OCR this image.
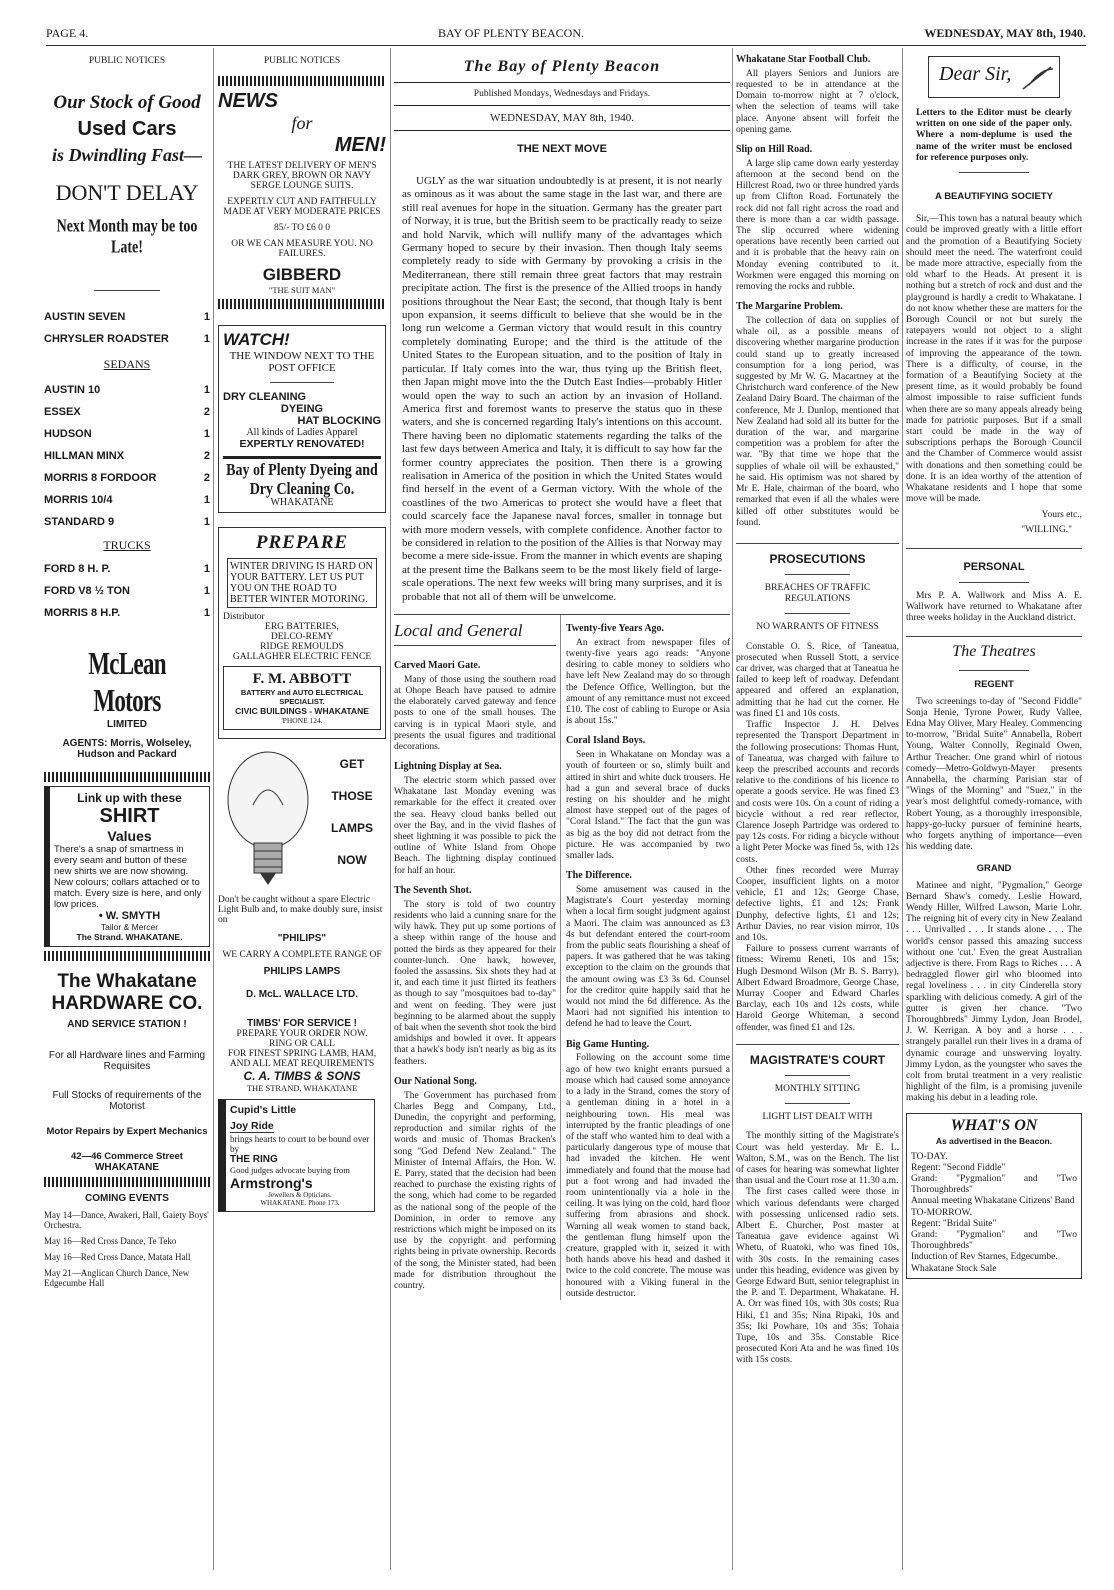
PAGE 4.	BAY OF PLENTY BEACON.	WEDNESDAY, MAY 8th, 1940.
PUBLIC NOTICES
Our Stock of Good
Used Cars
is Dwindling Fast—
DON'T DELAY
Next Month may be too Late!
AUSTIN SEVEN	1
CHRYSLER ROADSTER	1
SEDANS
AUSTIN 10	1
ESSEX	2
HUDSON	1
HILLMAN MINX	2
MORRIS 8 FORDOOR	2
MORRIS 10/4	1
STANDARD 9	1
TRUCKS
FORD 8 H. P.	1
FORD V8 ½ TON	1
MORRIS 8 H.P.	1
McLean Motors
LIMITED
AGENTS: Morris, Wolseley, Hudson and Packard
Link up with these
SHIRT
Values
There's a snap of smartness in every seam and button of these new shirts we are now showing. New colours; collars attached or to match. Every size is here, and only low prices.
• W. SMYTH
Tailor & Mercer
The Strand. WHAKATANE.
The Whakatane
HARDWARE CO.
AND SERVICE STATION !
For all Hardware lines and Farming Requisites
Full Stocks of requirements of the Motorist
Motor Repairs by Expert Mechanics
42—46 Commerce Street
WHAKATANE
COMING EVENTS
May 14—Dance, Awakeri, Hall, Gaiety Boys' Orchestra.
May 16—Red Cross Dance, Te Teko
May 16—Red Cross Dance, Matata Hall
May 21—Anglican Church Dance, New Edgecumbe Hall
PUBLIC NOTICES
NEWS
for
MEN!
THE LATEST DELIVERY OF MEN'S DARK GREY, BROWN OR NAVY SERGE LOUNGE SUITS.
EXPERTLY CUT AND FAITHFULLY MADE AT VERY MODERATE PRICES
85/- TO £6 0 0
OR WE CAN MEASURE YOU. NO FAILURES.
GIBBERD
"THE SUIT MAN"
WATCH!
THE WINDOW NEXT TO THE POST OFFICE
DRY CLEANING
DYEING
HAT BLOCKING
All kinds of Ladies Apparel
EXPERTLY RENOVATED!
Bay of Plenty Dyeing and Dry Cleaning Co.
WHAKATANE
PREPARE
WINTER DRIVING IS HARD ON YOUR BATTERY. LET US PUT YOU ON THE ROAD TO BETTER WINTER MOTORING.
Distributor
ERG BATTERIES,
DELCO-REMY
RIDGE REMOULDS
GALLAGHER ELECTRIC FENCE
F. M. ABBOTT
BATTERY and AUTO ELECTRICAL SPECIALIST.
CIVIC BUILDINGS - WHAKATANE
'PHONE 124.
GET
THOSE
LAMPS
NOW
Don't be caught without a spare Electric Light Bulb and, to make doubly sure, insist on
"PHILIPS"
WE CARRY A COMPLETE RANGE OF
PHILIPS LAMPS
D. McL. WALLACE LTD.
TIMBS' FOR SERVICE !
PREPARE YOUR ORDER NOW.
RING OR CALL
FOR FINEST SPRING LAMB, HAM, AND ALL MEAT REQUIREMENTS
C. A. TIMBS & SONS
THE STRAND, WHAKATANE
Cupid's Little
Joy Ride
brings hearts to court to be bound over by
THE RING
Good judges advocate buying from
Armstrong's
Jewellers & Opticians.
WHAKATANE. Phone 173.
The Bay of Plenty Beacon
Published Mondays, Wednesdays and Fridays.
WEDNESDAY, MAY 8th, 1940.
THE NEXT MOVE
UGLY as the war situation undoubtedly is at present, it is not nearly as ominous as it was about the same stage in the last war, and there are still real avenues for hope in the situation. Germany has the greater part of Norway, it is true, but the British seem to be practically ready to seize and hold Narvik, which will nullify many of the advantages which Germany hoped to secure by their invasion. Then though Italy seems completely ready to side with Germany by provoking a crisis in the Mediterranean, there still remain three great factors that may restrain precipitate action. The first is the presence of the Allied troops in handy positions throughout the Near East; the second, that though Italy is bent upon expansion, it seems difficult to believe that she would be in the long run welcome a German victory that would result in this country completely dominating Europe; and the third is the attitude of the United States to the European situation, and to the position of Italy in particular. If Italy comes into the war, thus tying up the British fleet, then Japan might move into the the Dutch East Indies—probably Hitler would open the way to such an action by an invasion of Holland. America first and foremost wants to preserve the status quo in these waters, and she is concerned regarding Italy's intentions on this account. There having been no diplomatic statements regarding the talks of the last few days between America and Italy, it is difficult to say how far the former country appreciates the position. Then there is a growing realisation in America of the position in which the United States would find herself in the event of a German victory. With the whole of the coastlines of the two Americas to protect she would have a fleet that could scarcely face the Japanese naval forces, smaller in tonnage but with more modern vessels, with complete confidence. Another factor to be considered in relation to the position of the Allies is that Norway may become a mere side-issue. From the manner in which events are shaping at the present time the Balkans seem to be the most likely field of large-scale operations. The next few weeks will bring many surprises, and it is probable that not all of them will be unwelcome.
Local and General
Carved Maori Gate.

Many of those using the southern road at Ohope Beach have paused to admire the elaborately carved gateway and fence posts to one of the small houses. The carving is in typical Maori style, and presents the usual figures and traditional decorations.

Lightning Display at Sea.

The electric storm which passed over Whakatane last Monday evening was remarkable for the effect it created over the sea. Heavy cloud banks belled out over the Bay, and in the vivid flashes of sheet lightning it was possible to pick the outline of White Island from Ohope Beach. The lightning display continued for half an hour.

The Seventh Shot.

The story is told of two country residents who laid a cunning snare for the wily hawk. They put up some portions of a sheep within range of the house and potted the birds as they appeared for their counter-lunch. One hawk, however, fooled the assassins. Six shots they had at it, and each time it just flirted its feathers as though to say "mosquitoes bad to-day" and went on feeding. They were just beginning to be alarmed about the supply of bait when the seventh shot took the bird amidships and bowled it over. It appears that a hawk's body isn't nearly as big as its feathers.

Our National Song.

The Government has purchased from Charles Begg and Company, Ltd., Dunedin, the copyright and performing, reproduction and similar rights of the words and music of Thomas Bracken's song "God Defend New Zealand." The Minister of Internal Affairs, the Hon. W. E. Parry, stated that the decision had been reached to purchase the existing rights of the song, which had come to be regarded as the national song of the people of the Dominion, in order to remove any restrictions which might be imposed on its use by the copyright and performing rights being in private ownership. Records of the song, the Minister stated, had been made for distribution throughout the country.

Twenty-five Years Ago.

An extract from newspaper files of twenty-five years ago reads: "Anyone desiring to cable money to soldiers who have left New Zealand may do so through the Defence Office, Wellington, but the amount of any remittance must not exceed £10. The cost of cabling to Europe or Asia is about 15s."

Coral Island Boys.

Seen in Whakatane on Monday was a youth of fourteen or so, slimly built and attired in shirt and white duck trousers. He had a gun and several brace of ducks resting on his shoulder and he might almost have stepped out of the pages of "Coral Island." The fact that the gun was as big as the boy did not detract from the picture. He was accompanied by two smaller lads.

The Difference.

Some amusement was caused in the Magistrate's Court yesterday morning when a local firm sought judgment against a Maori. The claim was announced as £3 4s but defendant entered the court-room from the public seats flourishing a sheaf of papers. It was gathered that he was taking exception to the claim on the grounds that the amount owing was £3 3s 6d. Counsel for the creditor quite happily said that he would not mind the 6d difference. As the Maori had not signified his intention to defend he had to leave the Court.

Big Game Hunting.

Following on the account some time ago of how two knight errants pursued a mouse which had caused some annoyance to a lady in the Strand, comes the story of a gentleman dining in a hotel in a neighbouring town. His meal was interrupted by the frantic pleadings of one of the staff who wanted him to deal with a particularly dangerous type of mouse that had invaded the kitchen. He went immediately and found that the mouse had put a foot wrong and had invaded the room unintentionally via a hole in the ceiling. It was lying on the cold, hard floor suffering from abrasions and shock. Warning all weak women to stand back, the gentleman flung himself upon the creature, grappled with it, seized it with both hands above his head and dashed it twice to the cold concrete. The mouse was honoured with a Viking funeral in the outside destructor.

Whakatane Star Football Club.

All players Seniors and Juniors are requested to be in attendance at the Domain to-morrow night at 7 o'clock, when the selection of teams will take place. Anyone absent will forfeit the opening game.

Slip on Hill Road.

A large slip came down early yesterday afternoon at the second bend on the Hillcrest Road, two or three hundred yards up from Clifton Road. Fortunately the rock did not fall right across the road and there is more than a car width passage. The slip occurred where widening operations have recently been carried out and it is probable that the heavy rain on Monday evening contributed to it. Workmen were engaged this morning on removing the rocks and rubble.

The Margarine Problem.

The collection of data on supplies of whale oil, as a possible means of discovering whether margarine production could stand up to greatly increased consumption for a long period, was suggested by Mr W. G. Macartney at the Christchurch ward conference of the New Zealand Dairy Board. The chairman of the conference, Mr J. Dunlop, mentioned that New Zealand had sold all its butter for the duration of the war, and margarine competition was a problem for after the war. "By that time we hope that the supplies of whale oil will be exhausted," he said. His optimism was not shared by Mr E. Hale, chairman of the board, who remarked that even if all the whales were killed off other substitutes would be found.

PROSECUTIONS
BREACHES OF TRAFFIC REGULATIONS
NO WARRANTS OF FITNESS

Constable O. S. Rice, of Taneatua, prosecuted when Russell Stott, a service car driver, was charged that at Taneatua he failed to keep left of roadway. Defendant appeared and offered an explanation, admitting that he had cut the corner. He was fined £1 and 10s costs.

Traffic Inspector J. H. Delves represented the Transport Department in the following prosecutions: Thomas Hunt, of Taneatua, was charged with failure to keep the prescribed accounts and records relative to the conditions of his licence to operate a goods service. He was fined £3 and costs were 10s. On a count of riding a bicycle without a red rear reflector, Clarence Joseph Partridge was ordered to pay 12s costs. For riding a bicycle without a light Peter Mocke was fined 5s, with 12s costs.

Other fines recorded were Murray Cooper, insufficient lights on a motor vehicle, £1 and 12s; George Chase, defective lights, £1 and 12s; Frank Dunphy, defective lights, £1 and 12s; Arthur Davies, no rear vision mirror, 10s and 10s.

Failure to possess current warrants of fitness: Wiremu Reneti, 10s and 15s; Hugh Desmond Wilson (Mr B. S. Barry), Albert Edward Broadmore, George Chase, Murray Cooper and Edward Charles Barclay, each 10s and 12s costs, while Harold George Whiteman, a second offender, was fined £1 and 12s.

MAGISTRATE'S COURT
MONTHLY SITTING
LIGHT LIST DEALT WITH

The monthly sitting of the Magistrate's Court was held yesterday. Mr E. L. Walton, S.M., was on the Bench. The list of cases for hearing was somewhat lighter than usual and the Court rose at 11.30 a.m.

The first cases called were those in which various defendants were charged with possessing unlicensed radio sets. Albert E. Churcher, Post master at Taneatua gave evidence against Wi Whetu, of Ruatoki, who was fined 10s, with 30s costs. In the remaining cases under this heading, evidence was given by George Edward Butt, senior telegraphist in the P. and T. Department, Whakatane. H. A. Orr was fined 10s, with 30s costs; Rua Hiki, £1 and 35s; Nina Ripaki, 10s and 35s; Iki Powhare, 10s and 35s; Tohaia Tupe, 10s and 35s. Constable Rice prosecuted Kori Ata and he was fined 10s with 15s costs.

Dear Sir,
Letters to the Editor must be clearly written on one side of the paper only. Where a nom-deplume is used the name of the writer must be enclosed for reference purposes only.
A BEAUTIFYING SOCIETY

Sir,—This town has a natural beauty which could be improved greatly with a little effort and the promotion of a Beautifying Society should meet the need. The waterfront could be made more attractive, especially from the old wharf to the Heads. At present it is nothing but a stretch of rock and dust and the playground is hardly a credit to Whakatane. I do not know whether these are matters for the Borough Council or not but surely the ratepayers would not object to a slight increase in the rates if it was for the purpose of improving the appearance of the town. There is a difficulty, of course, in the formation of a Beautifying Society at the present time, as it would probably be found almost impossible to raise sufficient funds when there are so many appeals already being made for patriotic purposes. But if a small start could be made in the way of subscriptions perhaps the Borough Council and the Chamber of Commerce would assist with donations and then something could be done. It is an idea worthy of the attention of Whakatane residents and I hope that some move will be made.

Yours etc.,
"WILLING."
PERSONAL

Mrs P. A. Wallwork and Miss A. E. Wallwork have returned to Whakatane after three weeks holiday in the Auckland district.

The Theatres
REGENT

Two screenings to-day of "Second Fiddle" Sonja Henie, Tyrone Power, Rudy Vallee, Edna May Oliver, Mary Healey. Commencing to-morrow, "Bridal Suite" Annabella, Robert Young, Walter Connolly, Reginald Owen, Arthur Treacher. One grand whirl of riotous comedy—Metro-Goldwyn-Mayer presents Annabella, the charming Parisian star of "Wings of the Morning" and "Suez," in the year's most delightful comedy-romance, with Robert Young, as a thoroughly irresponsible, happy-go-lucky pursuer of feminine hearts, who forgets anything of importance—even his wedding date.

GRAND

Matinee and night, "Pygmalion," George Bernard Shaw's comedy. Leslie Howard, Wendy Hiller, Wilfred Lawson, Marie Lohr. The reigning hit of every city in New Zealand . . . Unrivalled . . . It stands alone . . . The world's censor passed this amazing success without one 'cut.' Even the great Australian adjective is there. From Rags to Riches . . . A bedraggled flower girl who bloomed into regal loveliness . . . in city Cinderella story sparkling with delicious comedy. A girl of the gutter is given her chance. "Two Thoroughbreds" Jimmy Lydon, Joan Brodel, J. W. Kerrigan. A boy and a horse . . . strangely parallel run their lives in a drama of dynamic courage and unswerving loyalty. Jimmy Lydon, as the youngster who saves the colt from brutal treatment in a very realistic highlight of the film, is a promising juvenile making his debut in a leading role.

WHAT'S ON
As advertised in the Beacon.
TO-DAY.
Regent: "Second Fiddle"
Grand: "Pygmalion" and "Two Thoroughbreds"
Annual meeting Whakatane Citizens' Band
TO-MORROW.
Regent: "Bridal Suite"
Grand: "Pygmalion" and "Two Thoroughbreds"
Induction of Rev Starnes, Edgecumbe.
Whakatane Stock Sale
